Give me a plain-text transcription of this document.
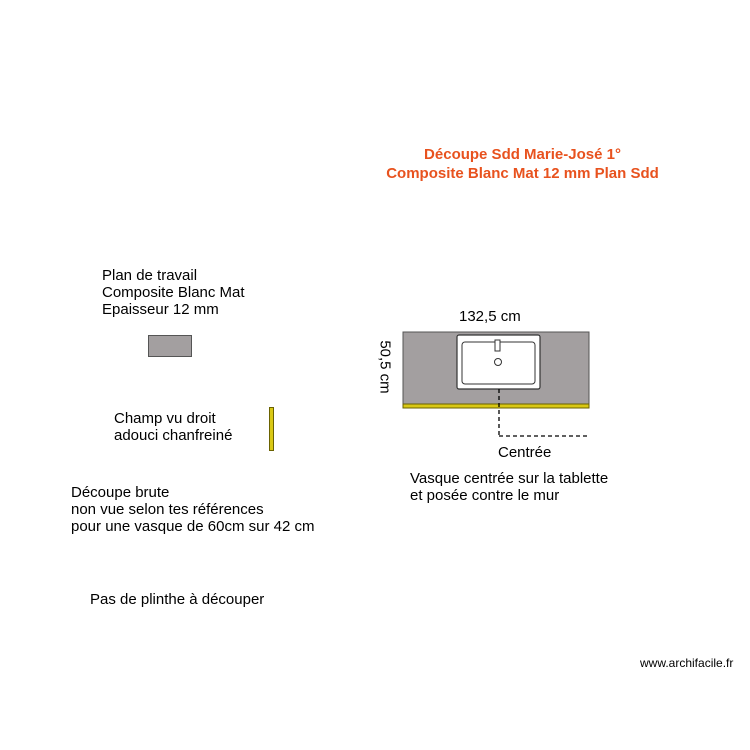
Découpe Sdd Marie-José 1°
Composite Blanc Mat 12 mm Plan Sdd
Plan de travail
Composite Blanc Mat
Epaisseur 12 mm
Champ vu droit
adouci chanfreiné
Découpe brute
non vue selon tes références
pour une vasque de 60cm sur 42 cm
Pas de plinthe à découper
132,5 cm
50,5 cm
Centrée
Vasque centrée sur la tablette
et posée contre le mur
www.archifacile.fr
